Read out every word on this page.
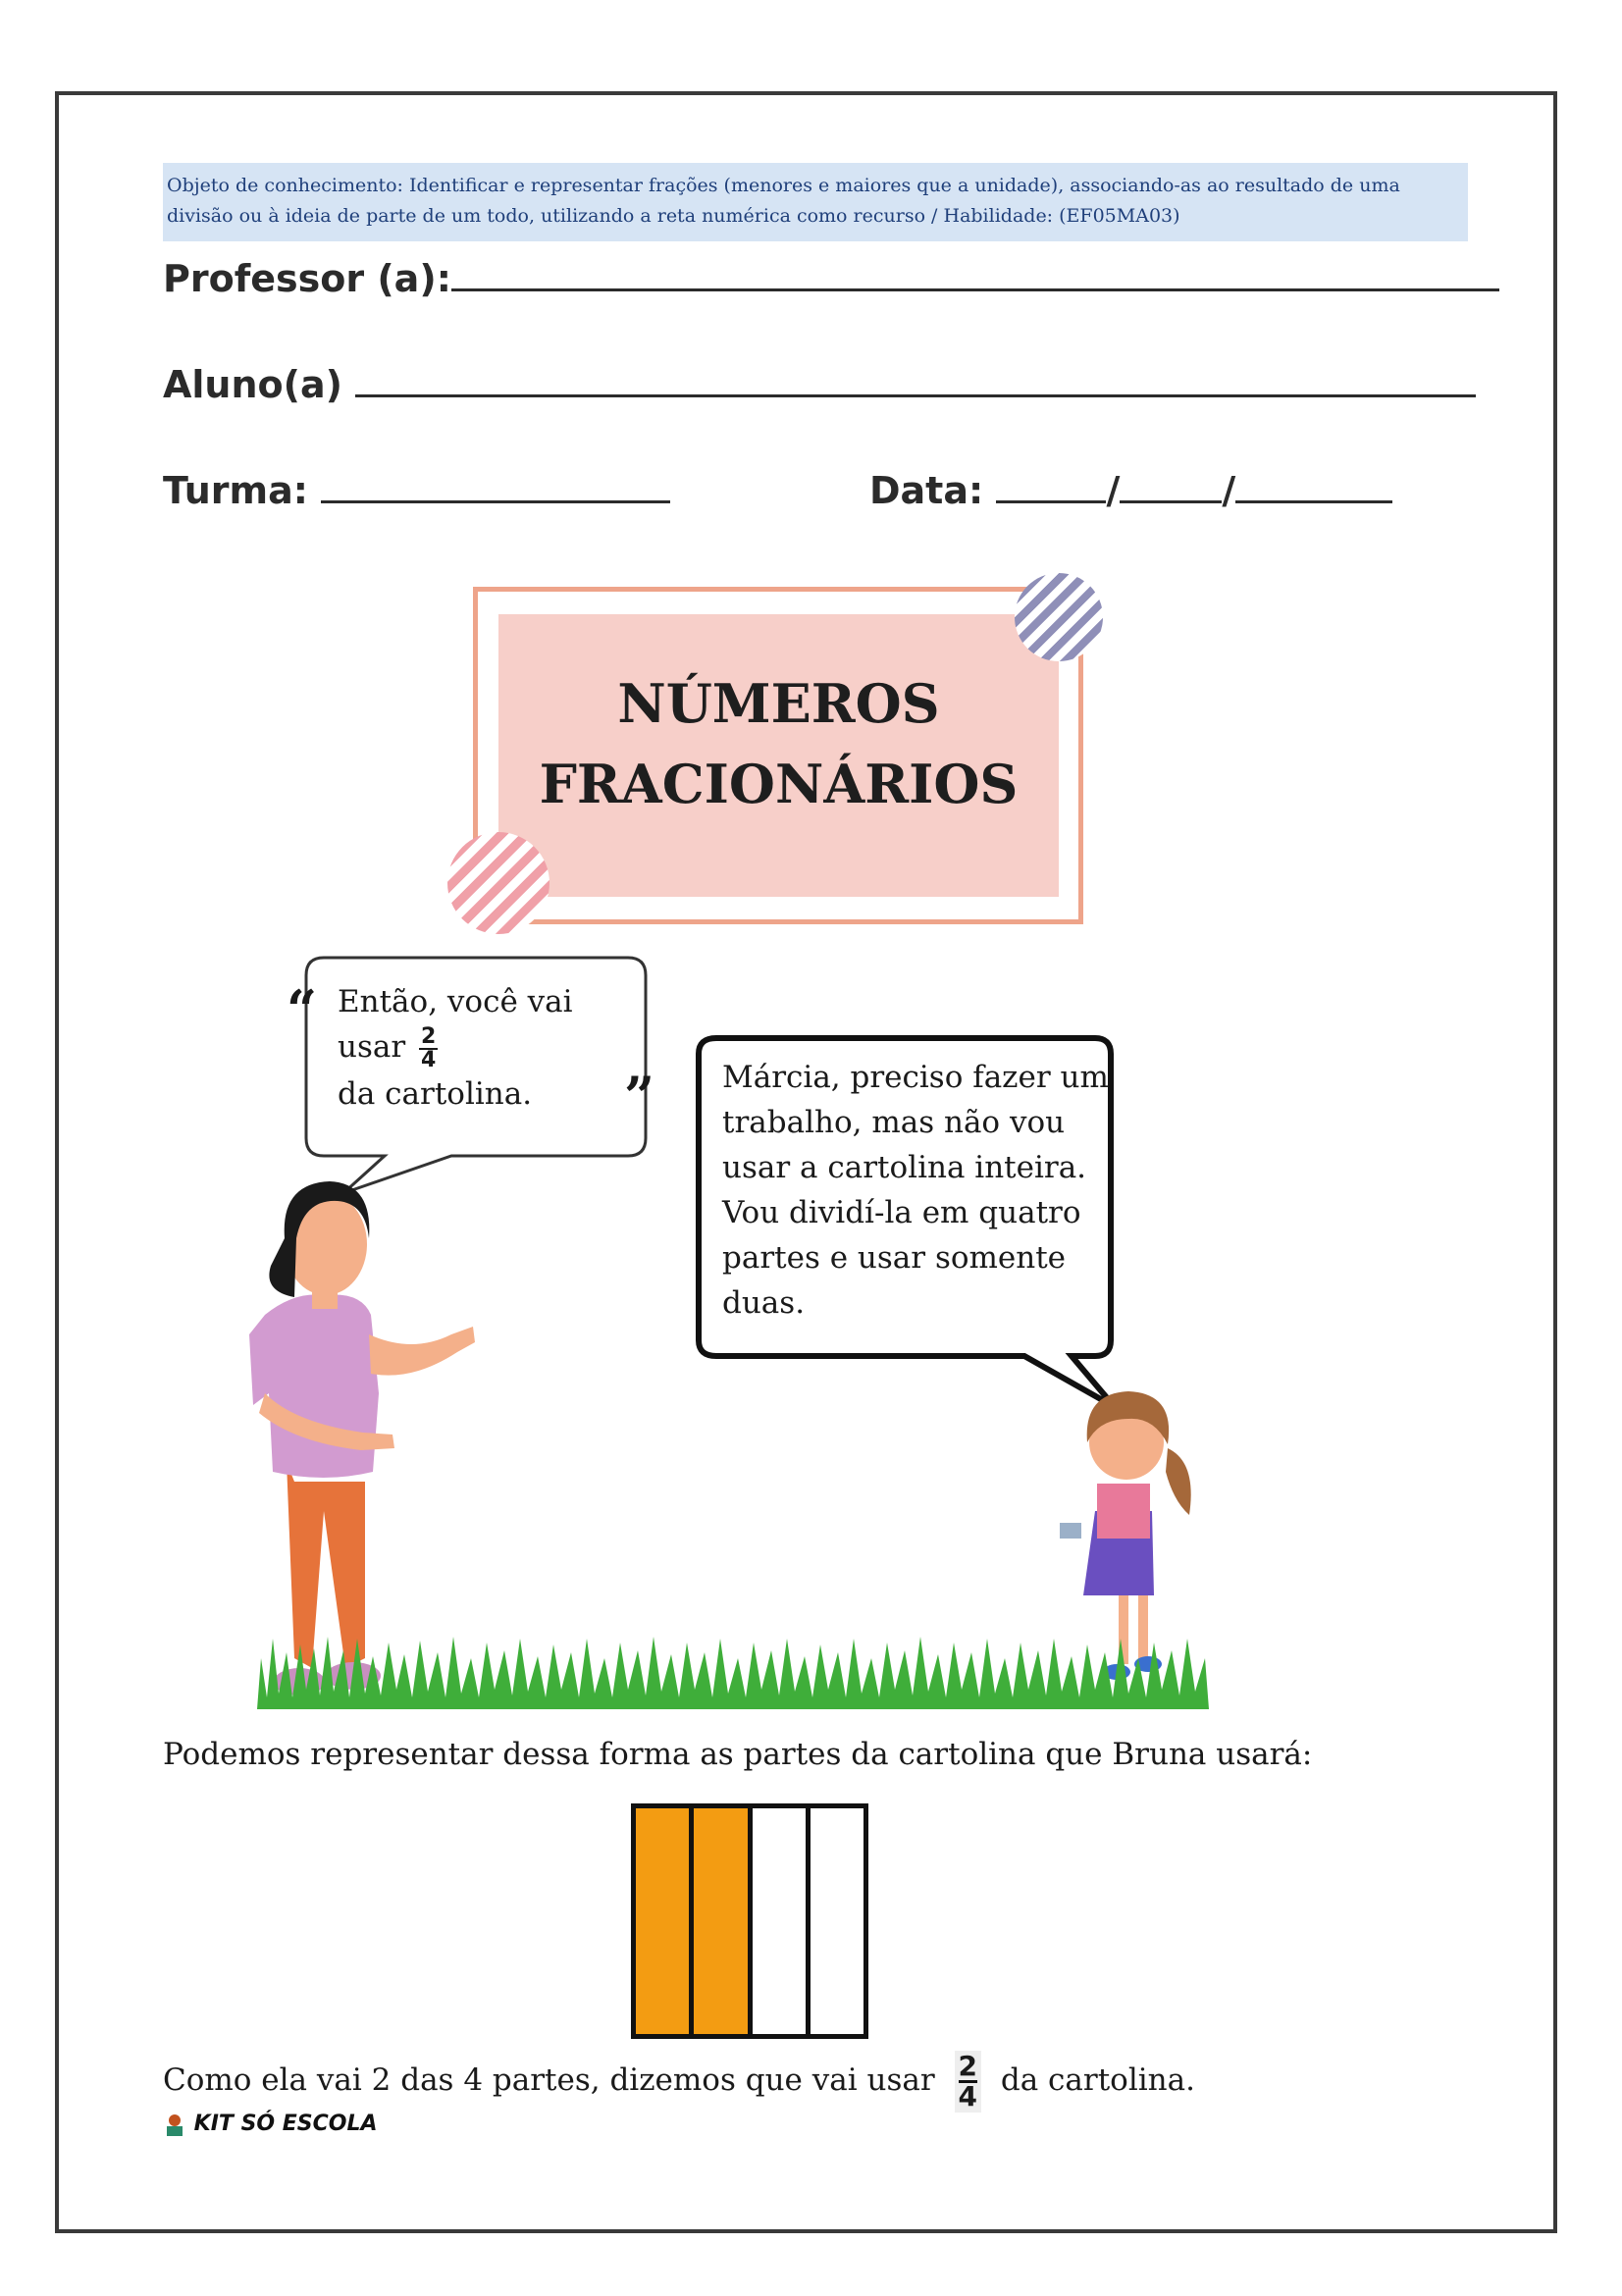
Objeto de conhecimento: Identificar e representar frações (menores e maiores que a unidade), associando-as ao resultado de uma divisão ou à ideia de parte de um todo, utilizando a reta numérica como recurso / Habilidade: (EF05MA03)
Professor (a):
Aluno(a)
Turma:	Data:	/	/
NÚMEROS
FRACIONÁRIOS
“
”
Então, você vai
usar $\frac{2}{4}$
da cartolina.	Márcia, preciso fazer um
trabalho, mas não vou
usar a cartolina inteira.
Vou dividí-la em quatro
partes e usar somente
duas.
Podemos representar dessa forma as partes da cartolina que Bruna usará:
Como ela vai 2 das 4 partes, dizemos que vai usar $\frac{2}{4}$ da cartolina.
KIT SÓ ESCOLA
